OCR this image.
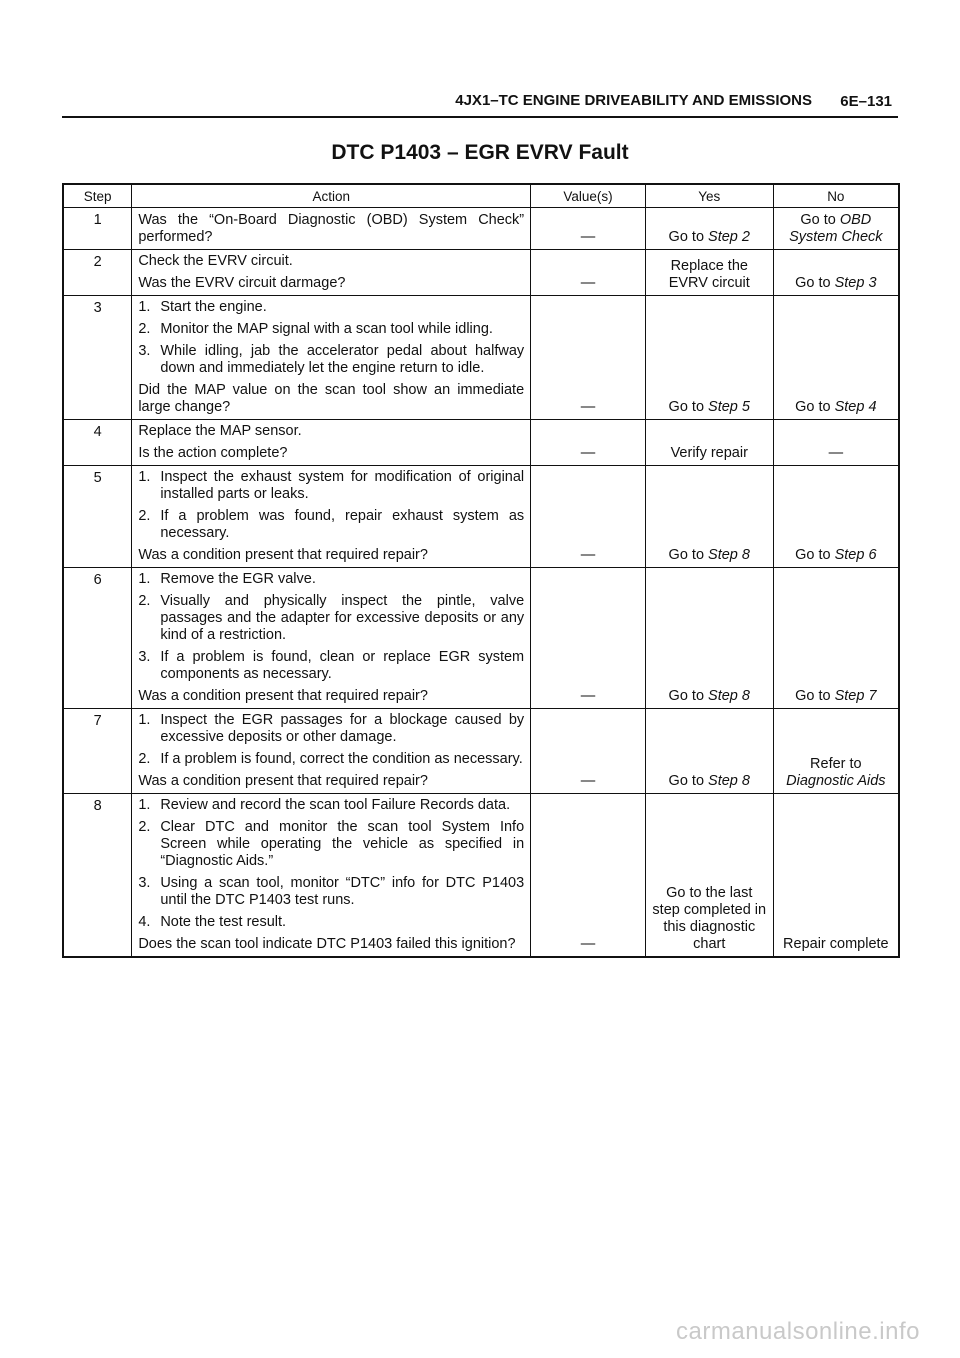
4JX1–TC ENGINE DRIVEABILITY AND EMISSIONS 6E–131
DTC P1403 – EGR EVRV Fault
Step	Action	Value(s)	Yes	No
1	Was the “On-Board Diagnostic (OBD) System Check” performed?	—	Go to Step 2	Go to OBD System Check
2	Check the EVRV circuit.

Was the EVRV circuit darmage?	—	Replace the EVRV circuit	Go to Step 3
3	1. Start the engine.

2. Monitor the MAP signal with a scan tool while idling.

3. While idling, jab the accelerator pedal about halfway down and immediately let the engine return to idle.

Did the MAP value on the scan tool show an immediate large change?	—	Go to Step 5	Go to Step 4
4	Replace the MAP sensor.

Is the action complete?	—	Verify repair	—
5	1. Inspect the exhaust system for modification of original installed parts or leaks.

2. If a problem was found, repair exhaust system as necessary.

Was a condition present that required repair?	—	Go to Step 8	Go to Step 6
6	1. Remove the EGR valve.

2. Visually and physically inspect the pintle, valve passages and the adapter for excessive deposits or any kind of a restriction.

3. If a problem is found, clean or replace EGR system components as necessary.

Was a condition present that required repair?	—	Go to Step 8	Go to Step 7
7	1. Inspect the EGR passages for a blockage caused by excessive deposits or other damage.

2. If a problem is found, correct the condition as necessary.

Was a condition present that required repair?	—	Go to Step 8	Refer to Diagnostic Aids
8	1. Review and record the scan tool Failure Records data.

2. Clear DTC and monitor the scan tool System Info Screen while operating the vehicle as specified in “Diagnostic Aids.”

3. Using a scan tool, monitor “DTC” info for DTC P1403 until the DTC P1403 test runs.

4. Note the test result.

Does the scan tool indicate DTC P1403 failed this ignition?	—	Go to the last step completed in this diagnostic chart	Repair complete
carmanualsonline.info
